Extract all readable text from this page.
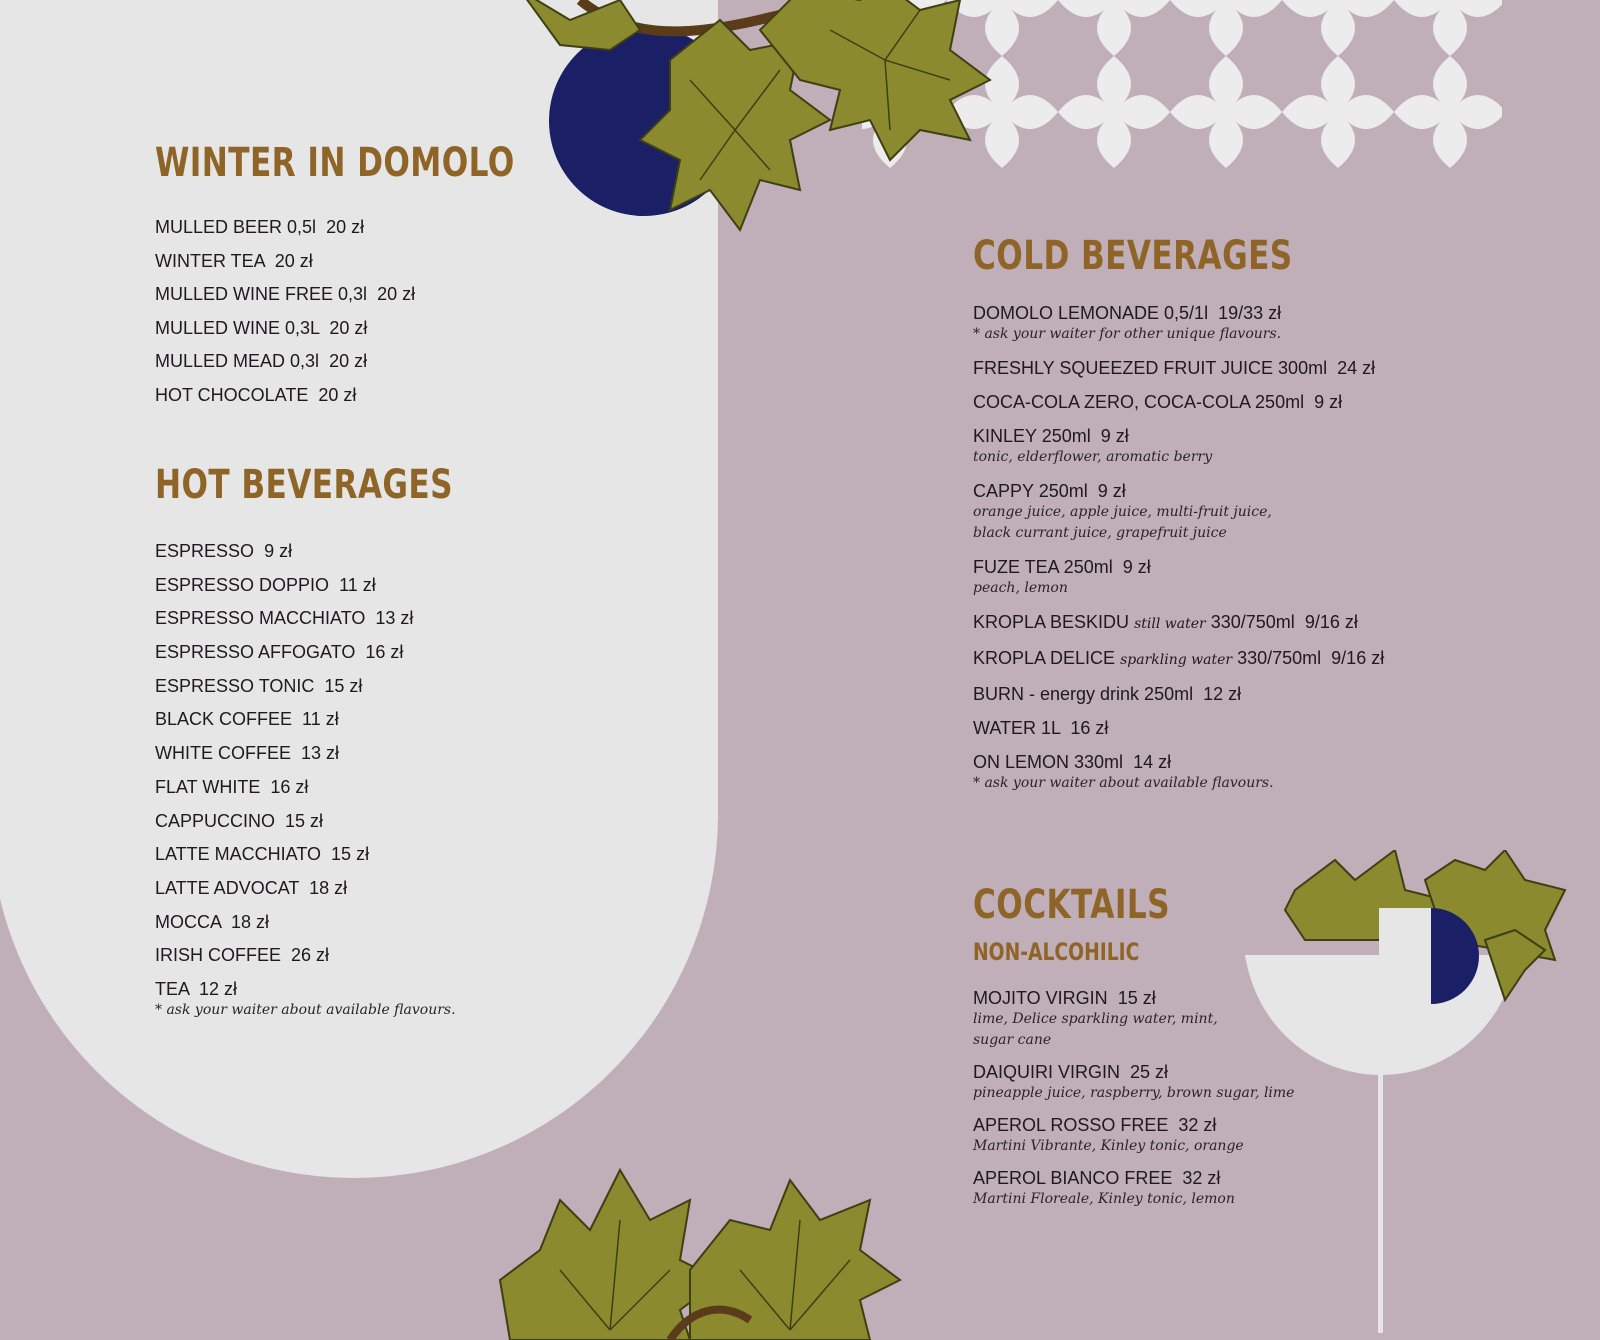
WINTER IN DOMOLO
MULLED BEER 0,5l 20 zł
WINTER TEA 20 zł
MULLED WINE FREE 0,3l 20 zł
MULLED WINE 0,3L 20 zł
MULLED MEAD 0,3l 20 zł
HOT CHOCOLATE 20 zł
HOT BEVERAGES
ESPRESSO 9 zł
ESPRESSO DOPPIO 11 zł
ESPRESSO MACCHIATO 13 zł
ESPRESSO AFFOGATO 16 zł
ESPRESSO TONIC 15 zł
BLACK COFFEE 11 zł
WHITE COFFEE 13 zł
FLAT WHITE 16 zł
CAPPUCCINO 15 zł
LATTE MACCHIATO 15 zł
LATTE ADVOCAT 18 zł
MOCCA 18 zł
IRISH COFFEE 26 zł
TEA 12 zł
* ask your waiter about available flavours.
COLD BEVERAGES
DOMOLO LEMONADE 0,5/1l 19/33 zł
* ask your waiter for other unique flavours.
FRESHLY SQUEEZED FRUIT JUICE 300ml 24 zł
COCA-COLA ZERO, COCA-COLA 250ml 9 zł
KINLEY 250ml 9 zł
tonic, elderflower, aromatic berry
CAPPY 250ml 9 zł
orange juice, apple juice, multi-fruit juice,
black currant juice, grapefruit juice
FUZE TEA 250ml 9 zł
peach, lemon
KROPLA BESKIDU still water 330/750ml 9/16 zł
KROPLA DELICE sparkling water 330/750ml 9/16 zł
BURN - energy drink 250ml 12 zł
WATER 1L 16 zł
ON LEMON 330ml 14 zł
* ask your waiter about available flavours.
COCKTAILS
NON-ALCOHILIC
MOJITO VIRGIN 15 zł
lime, Delice sparkling water, mint,
sugar cane
DAIQUIRI VIRGIN 25 zł
pineapple juice, raspberry, brown sugar, lime
APEROL ROSSO FREE 32 zł
Martini Vibrante, Kinley tonic, orange
APEROL BIANCO FREE 32 zł
Martini Floreale, Kinley tonic, lemon
